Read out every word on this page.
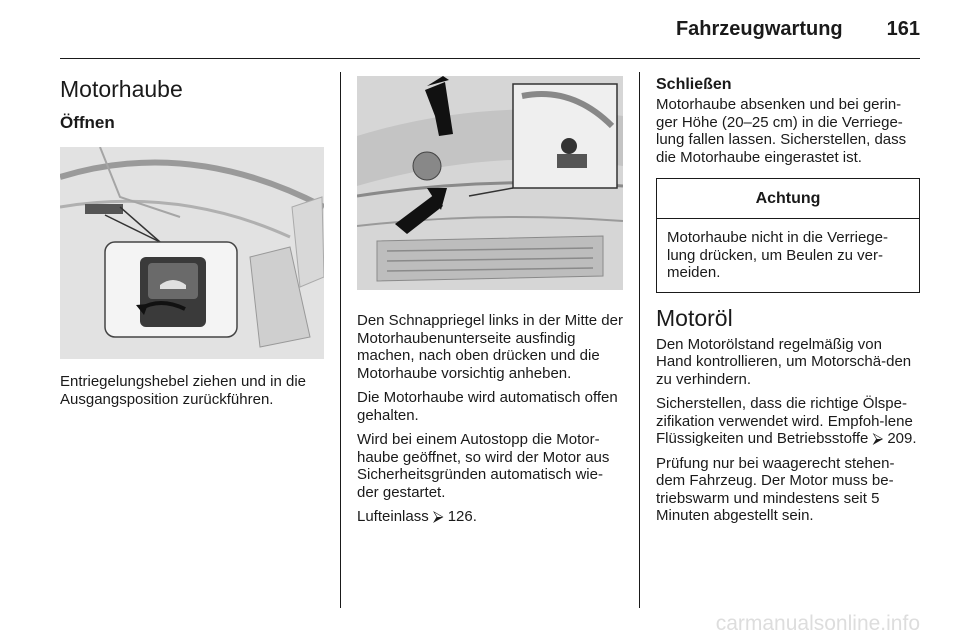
Fahrzeugwartung 161
Motorhaube
Öffnen

Entriegelungshebel ziehen und in die
Ausgangsposition zurückführen.

Den Schnappriegel links in der Mitte der Motorhaubenunterseite ausfindig machen, nach oben drücken und die Motorhaube vorsichtig anheben.

Die Motorhaube wird automatisch offen gehalten.

Wird bei einem Autostopp die Motor-haube geöffnet, so wird der Motor aus Sicherheitsgründen automatisch wie-der gestartet.

Lufteinlass ⮚ 126.

Schließen

Motorhaube absenken und bei gerin-ger Höhe (20–25 cm) in die Verriege-lung fallen lassen. Sicherstellen, dass die Motorhaube eingerastet ist.

Achtung
Motorhaube nicht in die Verriege-lung drücken, um Beulen zu ver-meiden.
Motoröl

Den Motorölstand regelmäßig von Hand kontrollieren, um Motorschä-den zu verhindern.

Sicherstellen, dass die richtige Ölspe-zifikation verwendet wird. Empfoh-lene Flüssigkeiten und Betriebsstoffe ⮚ 209.

Prüfung nur bei waagerecht stehen-dem Fahrzeug. Der Motor muss be-triebswarm und mindestens seit 5 Minuten abgestellt sein.

carmanualsonline.info
